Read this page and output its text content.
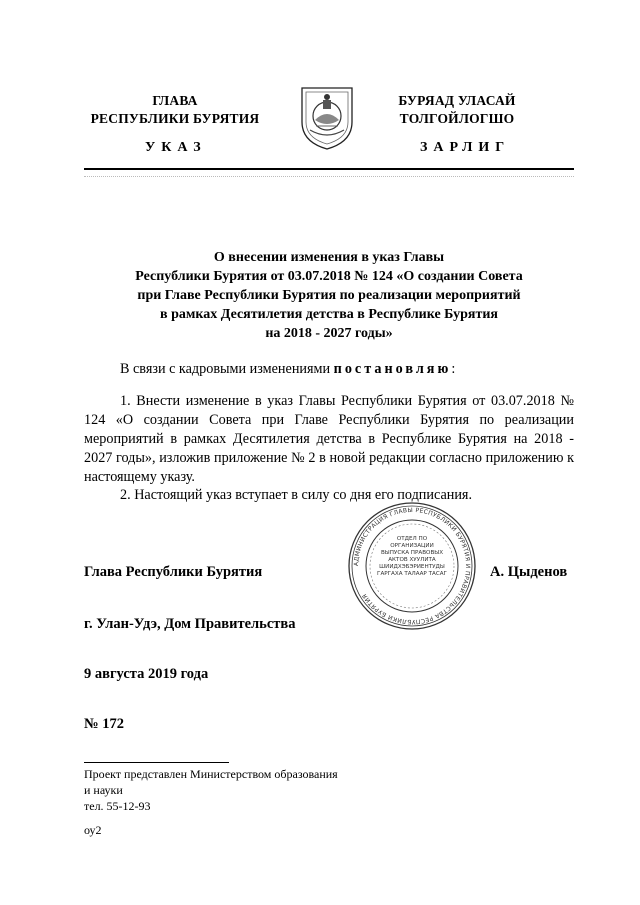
ГЛАВА
РЕСПУБЛИКИ БУРЯТИЯ
УКАЗ
БУРЯАД УЛАСАЙ
ТОЛГОЙЛОГШО
ЗАРЛИГ
О внесении изменения в указ Главы
Республики Бурятия от 03.07.2018 № 124 «О создании Совета
при Главе Республики Бурятия по реализации мероприятий
в рамках Десятилетия детства в Республике Бурятия
на 2018 - 2027 годы»
В связи с кадровыми изменениями постановляю:
1. Внести изменение в указ Главы Республики Бурятия от 03.07.2018 № 124 «О создании Совета при Главе Республики Бурятия по реализации мероприятий в рамках Десятилетия детства в Республике Бурятия на 2018 - 2027 годы», изложив приложение № 2 в новой редакции согласно приложению к настоящему указу.
2. Настоящий указ вступает в силу со дня его подписания.
АДМИНИСТРАЦИЯ ГЛАВЫ РЕСПУБЛИКИ БУРЯТИЯ И ПРАВИТЕЛЬСТВА РЕСПУБЛИКИ БУРЯТИЯ
ОТДЕЛ ПО ОРГАНИЗАЦИИ ВЫПУСКА ПРАВОВЫХ АКТОВ ХУУЛИТА ШИИДХЭБЭРИЕНТУДЫ ГАРГАХА ТАЛААР ТАСАГ
Глава Республики Бурятия	А. Цыденов
г. Улан-Удэ, Дом Правительства
9 августа 2019 года
№ 172
Проект представлен Министерством образования
и науки
тел. 55-12-93
оу2
